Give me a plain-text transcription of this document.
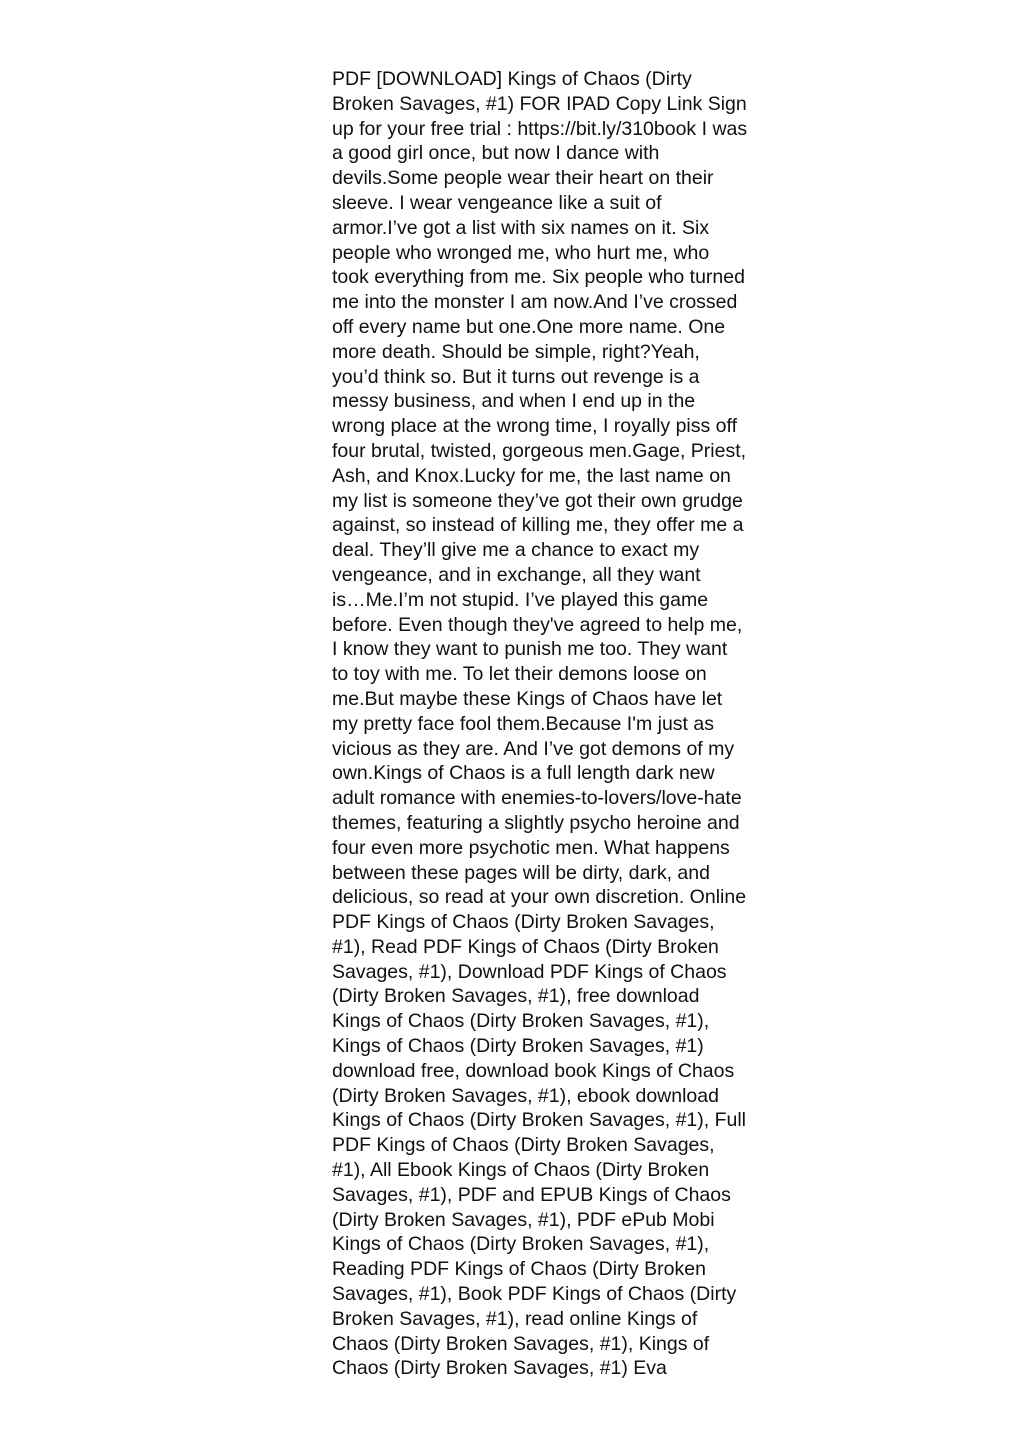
PDF [DOWNLOAD] Kings of Chaos (Dirty
Broken Savages, #1) FOR IPAD Copy Link Sign
up for your free trial : https://bit.ly/310book I was
a good girl once, but now I dance with
devils.Some people wear their heart on their
sleeve. I wear vengeance like a suit of
armor.I’ve got a list with six names on it. Six
people who wronged me, who hurt me, who
took everything from me. Six people who turned
me into the monster I am now.And I’ve crossed
off every name but one.One more name. One
more death. Should be simple, right?Yeah,
you’d think so. But it turns out revenge is a
messy business, and when I end up in the
wrong place at the wrong time, I royally piss off
four brutal, twisted, gorgeous men.Gage, Priest,
Ash, and Knox.Lucky for me, the last name on
my list is someone they’ve got their own grudge
against, so instead of killing me, they offer me a
deal. They’ll give me a chance to exact my
vengeance, and in exchange, all they want
is…Me.I’m not stupid. I’ve played this game
before. Even though they've agreed to help me,
I know they want to punish me too. They want
to toy with me. To let their demons loose on
me.But maybe these Kings of Chaos have let
my pretty face fool them.Because I'm just as
vicious as they are. And I’ve got demons of my
own.Kings of Chaos is a full length dark new
adult romance with enemies-to-lovers/love-hate
themes, featuring a slightly psycho heroine and
four even more psychotic men. What happens
between these pages will be dirty, dark, and
delicious, so read at your own discretion. Online
PDF Kings of Chaos (Dirty Broken Savages,
#1), Read PDF Kings of Chaos (Dirty Broken
Savages, #1), Download PDF Kings of Chaos
(Dirty Broken Savages, #1), free download
Kings of Chaos (Dirty Broken Savages, #1),
Kings of Chaos (Dirty Broken Savages, #1)
download free, download book Kings of Chaos
(Dirty Broken Savages, #1), ebook download
Kings of Chaos (Dirty Broken Savages, #1), Full
PDF Kings of Chaos (Dirty Broken Savages,
#1), All Ebook Kings of Chaos (Dirty Broken
Savages, #1), PDF and EPUB Kings of Chaos
(Dirty Broken Savages, #1), PDF ePub Mobi
Kings of Chaos (Dirty Broken Savages, #1),
Reading PDF Kings of Chaos (Dirty Broken
Savages, #1), Book PDF Kings of Chaos (Dirty
Broken Savages, #1), read online Kings of
Chaos (Dirty Broken Savages, #1), Kings of
Chaos (Dirty Broken Savages, #1) Eva
